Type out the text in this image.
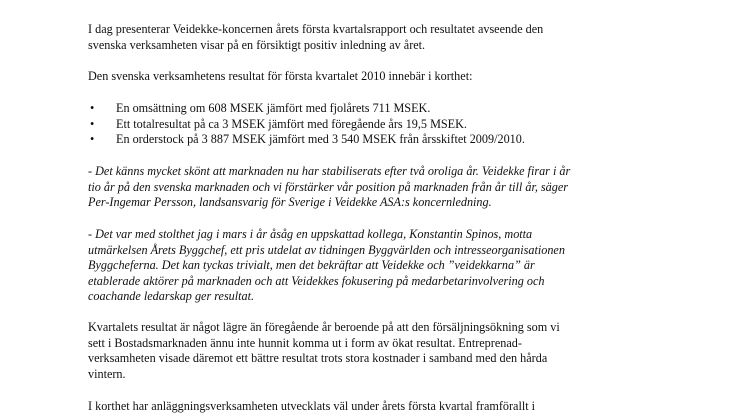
I dag presenterar Veidekke-koncernen årets första kvartalsrapport och resultatet avseende den
svenska verksamheten visar på en försiktigt positiv inledning av året.
Den svenska verksamhetens resultat för första kvartalet 2010 innebär i korthet:
• En omsättning om 608 MSEK jämfört med fjolårets 711 MSEK.
• Ett totalresultat på ca 3 MSEK jämfört med föregående års 19,5 MSEK.
• En orderstock på 3 887 MSEK jämfört med 3 540 MSEK från årsskiftet 2009/2010.
- Det känns mycket skönt att marknaden nu har stabiliserats efter två oroliga år. Veidekke firar i år
tio år på den svenska marknaden och vi förstärker vår position på marknaden från år till år, säger
Per-Ingemar Persson, landsansvarig för Sverige i Veidekke ASA:s koncernledning.
- Det var med stolthet jag i mars i år åsåg en uppskattad kollega, Konstantin Spinos, motta
utmärkelsen Årets Byggchef, ett pris utdelat av tidningen Byggvärlden och intresseorganisationen
Byggcheferna. Det kan tyckas trivialt, men det bekräftar att Veidekke och ”veidekkarna” är
etablerade aktörer på marknaden och att Veidekkes fokusering på medarbetarinvolvering och
coachande ledarskap ger resultat.
Kvartalets resultat är något lägre än föregående år beroende på att den försäljningsökning som vi
sett i Bostadsmarknaden ännu inte hunnit komma ut i form av ökat resultat. Entreprenad-
verksamheten visade däremot ett bättre resultat trots stora kostnader i samband med den hårda
vintern.
I korthet har anläggningsverksamheten utvecklats väl under årets första kvartal framförallt i
